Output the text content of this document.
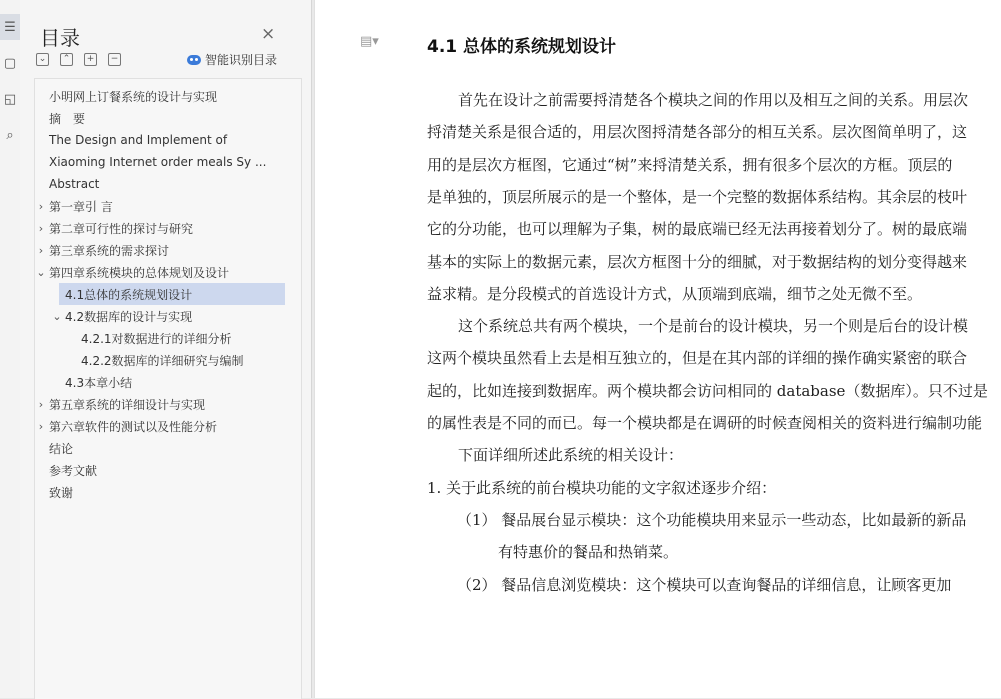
☰
▢
◱
⌕
目录	×
⌄	⌃	+	−	智能识别目录
小明网上订餐系统的设计与实现
摘　要
The Design and Implement of
Xiaoming Internet order meals Sy ...
Abstract
› 第一章引 言
› 第二章可行性的探讨与研究
› 第三章系统的需求探讨
⌄ 第四章系统模块的总体规划及设计
4.1总体的系统规划设计
⌄ 4.2数据库的设计与实现
4.2.1对数据进行的详细分析
4.2.2数据库的详细研究与编制
4.3本章小结
› 第五章系统的详细设计与实现
› 第六章软件的测试以及性能分析
结论
参考文献
致谢
▤▾	4.1 总体的系统规划设计
首先在设计之前需要捋清楚各个模块之间的作用以及相互之间的关系。用层次
捋清楚关系是很合适的，用层次图捋清楚各部分的相互关系。层次图简单明了，这
用的是层次方框图，它通过“树”来捋清楚关系，拥有很多个层次的方框。顶层的
是单独的，顶层所展示的是一个整体，是一个完整的数据体系结构。其余层的枝叶
它的分功能，也可以理解为子集，树的最底端已经无法再接着划分了。树的最底端
基本的实际上的数据元素，层次方框图十分的细腻，对于数据结构的划分变得越来
益求精。是分段模式的首选设计方式，从顶端到底端，细节之处无微不至。
这个系统总共有两个模块，一个是前台的设计模块，另一个则是后台的设计模
这两个模块虽然看上去是相互独立的，但是在其内部的详细的操作确实紧密的联合
起的，比如连接到数据库。两个模块都会访问相同的 database（数据库）。只不过是
的属性表是不同的而已。每一个模块都是在调研的时候查阅相关的资料进行编制功能
下面详细所述此系统的相关设计：
1. 关于此系统的前台模块功能的文字叙述逐步介绍：
（1） 餐品展台显示模块：这个功能模块用来显示一些动态，比如最新的新品
有特惠价的餐品和热销菜。
（2） 餐品信息浏览模块：这个模块可以查询餐品的详细信息，让顾客更加
